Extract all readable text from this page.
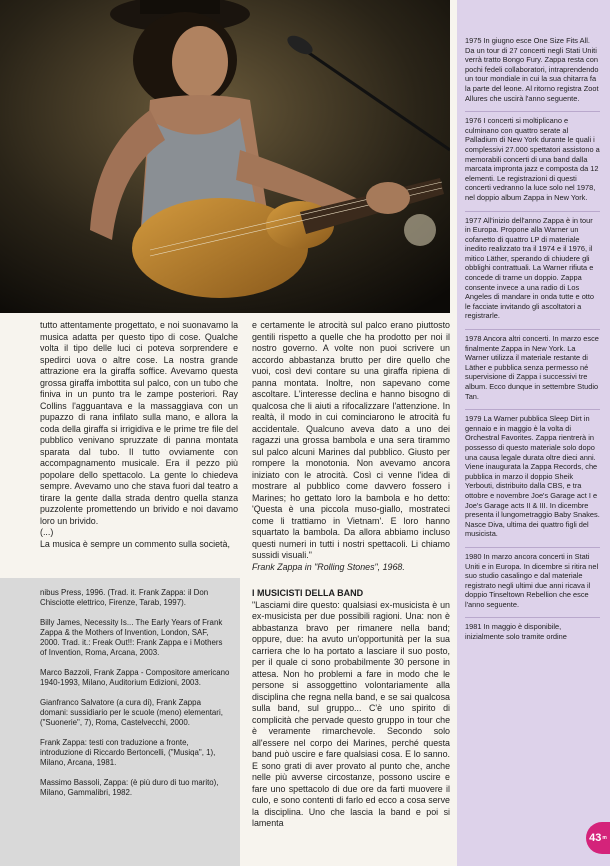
1975 In giugno esce One Size Fits All. Da un tour di 27 concerti negli Stati Uniti verrà tratto Bongo Fury. Zappa resta con pochi fedeli collaboratori, intraprendendo un tour mondiale in cui la sua chitarra fa la parte del leone. Al ritorno registra Zoot Allures che uscirà l'anno seguente.

1976 I concerti si moltiplicano e culminano con quattro serate al Palladium di New York durante le quali i complessivi 27.000 spettatori assistono a memorabili concerti di una band dalla marcata impronta jazz e composta da 12 elementi. Le registrazioni di questi concerti vedranno la luce solo nel 1978, nel doppio album Zappa in New York.

1977 All'inizio dell'anno Zappa è in tour in Europa. Propone alla Warner un cofanetto di quattro LP di materiale inedito realizzato tra il 1974 e il 1976, il mitico Läther, sperando di chiudere gli obblighi contrattuali. La Warner rifiuta e concede di trarne un doppio. Zappa consente invece a una radio di Los Angeles di mandare in onda tutte e otto le facciate invitando gli ascoltatori a registrarle.

1978 Ancora altri concerti. In marzo esce finalmente Zappa in New York. La Warner utilizza il materiale restante di Läther e pubblica senza permesso né supervisione di Zappa i successivi tre album. Ecco dunque in settembre Studio Tan.

1979 La Warner pubblica Sleep Dirt in gennaio e in maggio è la volta di Orchestral Favorites. Zappa rientrerà in possesso di questo materiale solo dopo una causa legale durata oltre dieci anni. Viene inaugurata la Zappa Records, che pubblica in marzo il doppio Sheik Yerbouti, distribuito dalla CBS, e tra ottobre e novembre Joe's Garage act I e Joe's Garage acts II & III. In dicembre presenta il lungometraggio Baby Snakes. Nasce Diva, ultima dei quattro figli del musicista.

1980 In marzo ancora concerti in Stati Uniti e in Europa. In dicembre si ritira nel suo studio casalingo e dal materiale registrato negli ultimi due anni ricava il doppio Tinseltown Rebellion che esce l'anno seguente.

1981 In maggio è disponibile, inizialmente solo tramite ordine

tutto attentamente progettato, e noi suonavamo la musica adatta per questo tipo di cose. Qualche volta il tipo delle luci ci poteva sorprendere e spedirci uova o altre cose. La nostra grande attrazione era la giraffa soffice. Avevamo questa grossa giraffa imbottita sul palco, con un tubo che finiva in un punto tra le zampe posteriori. Ray Collins l'agguantava e la massaggiava con un pupazzo di rana infilato sulla mano, e allora la coda della giraffa si irrigidiva e le prime tre file del pubblico venivano spruzzate di panna montata sparata dal tubo. Il tutto ovviamente con accompagnamento musicale. Era il pezzo più popolare dello spettacolo. La gente lo chiedeva sempre. Avevamo uno che stava fuori dal teatro a tirare la gente dalla strada dentro quella stanza puzzolente promettendo un brivido e noi davamo loro un brivido.

(...)

La musica è sempre un commento sulla società,

e certamente le atrocità sul palco erano piuttosto gentili rispetto a quelle che ha prodotto per noi il nostro governo. A volte non puoi scrivere un accordo abbastanza brutto per dire quello che vuoi, così devi contare su una giraffa ripiena di panna montata. Inoltre, non sapevano come ascoltare. L'interesse declina e hanno bisogno di qualcosa che li aiuti a rifocalizzare l'attenzione. In realtà, il modo in cui cominciarono le atrocità fu accidentale. Qualcuno aveva dato a uno dei ragazzi una grossa bambola e una sera tirammo sul palco alcuni Marines dal pubblico. Giusto per rompere la monotonia. Non avevamo ancora iniziato con le atrocità. Così ci venne l'idea di mostrare al pubblico come davvero fossero i Marines; ho gettato loro la bambola e ho detto: 'Questa è una piccola muso-giallo, mostrateci come li trattiamo in Vietnam'. E loro hanno squartato la bambola. Da allora abbiamo incluso questi numeri in tutti i nostri spettacoli. Li chiamo sussidi visuali."

Frank Zappa in "Rolling Stones", 1968.

I MUSICISTI DELLA BAND

"Lasciami dire questo: qualsiasi ex-musicista è un ex-musicista per due possibili ragioni. Una: non è abbastanza bravo per rimanere nella band; oppure, due: ha avuto un'opportunità per la sua carriera che lo ha portato a lasciare il suo posto, per il quale ci sono probabilmente 30 persone in attesa. Non ho problemi a fare in modo che le persone si assoggettino volontariamente alla disciplina che regna nella band, e se sai qualcosa sulla band, sul gruppo... C'è uno spirito di complicità che pervade questo gruppo in tour che è veramente rimarchevole. Secondo solo all'essere nel corpo dei Marines, perché questa band può uscire e fare qualsiasi cosa. E lo sanno. E sono grati di aver provato al punto che, anche nelle più avverse circostanze, possono uscire e fare uno spettacolo di due ore da farti muovere il culo, e sono contenti di farlo ed ecco a cosa serve la disciplina. Uno che lascia la band e poi si lamenta

nibus Press, 1996. (Trad. it. Frank Zappa: il Don Chisciotte elettrico, Firenze, Tarab, 1997).

Billy James, Necessity Is... The Early Years of Frank Zappa & the Mothers of Invention, London, SAF, 2000. Trad. it.: Freak Out!!: Frank Zappa e i Mothers of Invention, Roma, Arcana, 2003.

Marco Bazzoli, Frank Zappa - Compositore americano 1940-1993, Milano, Auditorium Edizioni, 2003.

Gianfranco Salvatore (a cura di), Frank Zappa domani: sussidiario per le scuole (meno) elementari, ("Suonerie", 7), Roma, Castelvecchi, 2000.

Frank Zappa: testi con traduzione a fronte, introduzione di Riccardo Bertoncelli, ("Musiqa", 1), Milano, Arcana, 1981.

Massimo Bassoli, Zappa: (è più duro di tuo marito), Milano, Gammalibri, 1982.

43 m
